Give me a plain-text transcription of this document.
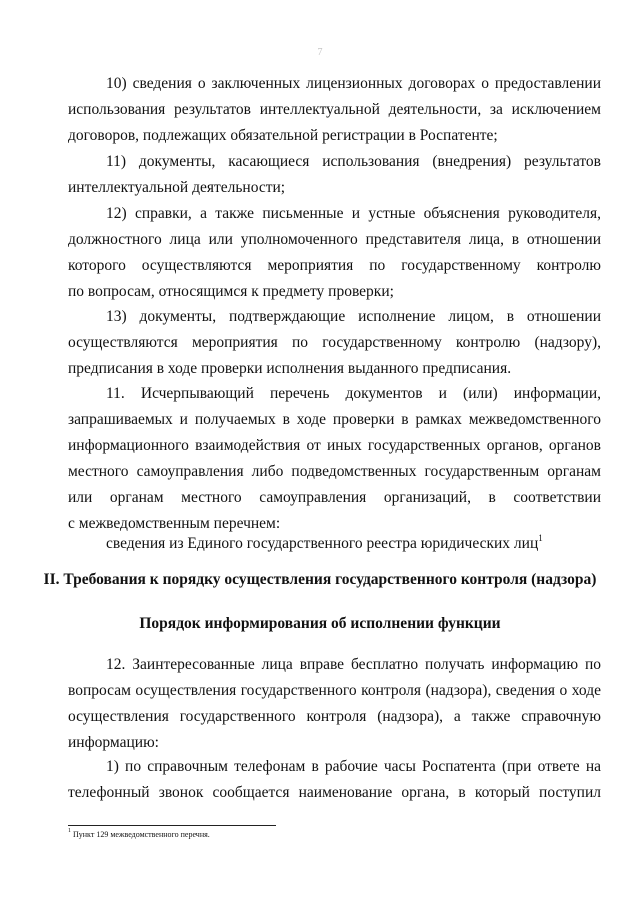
7
10) сведения о заключенных лицензионных договорах о предоставлении
использования результатов интеллектуальной деятельности, за исключением
договоров, подлежащих обязательной регистрации в Роспатенте;
11) документы, касающиеся использования (внедрения) результатов
интеллектуальной деятельности;
12) справки, а также письменные и устные объяснения руководителя,
должностного лица или уполномоченного представителя лица, в отношении
которого осуществляются мероприятия по государственному контролю
по вопросам, относящимся к предмету проверки;
13) документы, подтверждающие исполнение лицом, в отношении
осуществляются мероприятия по государственному контролю (надзору),
предписания в ходе проверки исполнения выданного предписания.
11. Исчерпывающий перечень документов и (или) информации,
запрашиваемых и получаемых в ходе проверки в рамках межведомственного
информационного взаимодействия от иных государственных органов, органов
местного самоуправления либо подведомственных государственным органам
или органам местного самоуправления организаций, в соответствии
с межведомственным перечнем:
сведения из Единого государственного реестра юридических лиц$^1$
II. Требования к порядку осуществления государственного контроля (надзора)
Порядок информирования об исполнении функции
12. Заинтересованные лица вправе бесплатно получать информацию по
вопросам осуществления государственного контроля (надзора), сведения о ходе
осуществления государственного контроля (надзора), а также справочную
информацию:
1) по справочным телефонам в рабочие часы Роспатента (при ответе на
телефонный звонок сообщается наименование органа, в который поступил

$^1$ Пункт 129 межведомственного перечня.
